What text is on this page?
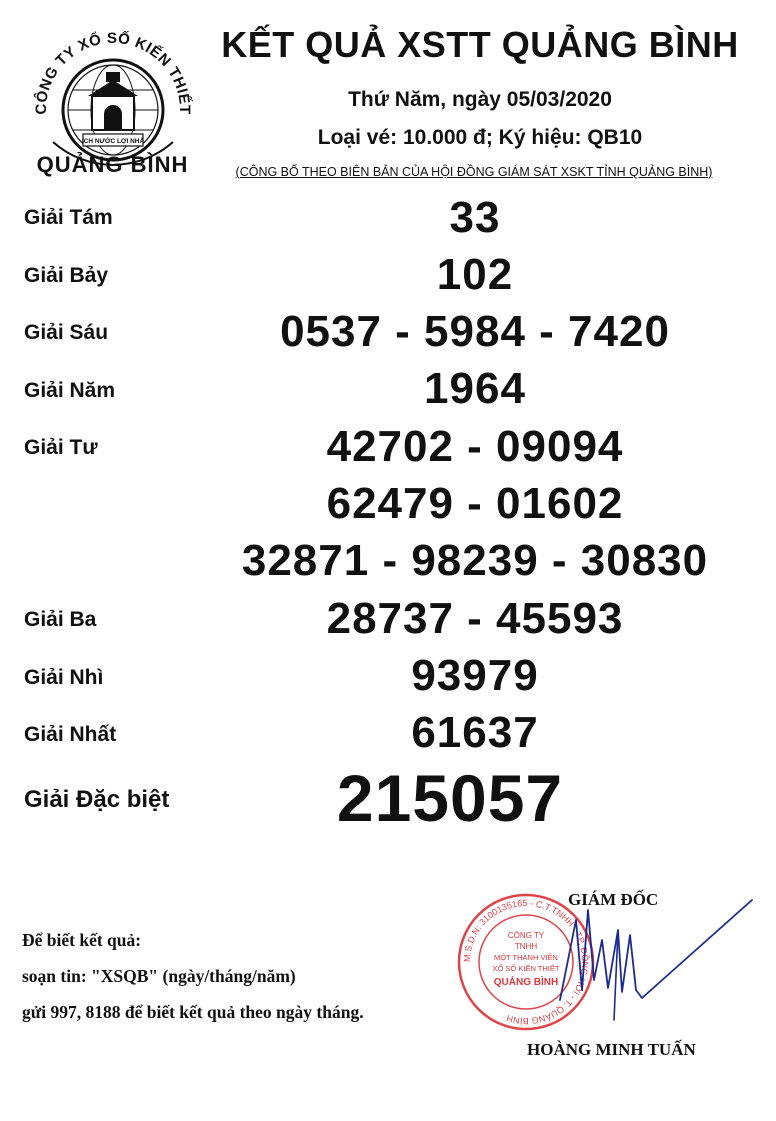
CÔNG TY XỔ SỐ KIẾN THIẾT
ÍCH NƯỚC LỢI NHÀ
QUẢNG BÌNH
KẾT QUẢ XSTT QUẢNG BÌNH
Thứ Năm, ngày 05/03/2020
Loại vé: 10.000 đ; Ký hiệu: QB10
(CÔNG BỐ THEO BIÊN BẢN CỦA HỘI ĐỒNG GIÁM SÁT XSKT TỈNH QUẢNG BÌNH)
Giải Tám	33
Giải Bảy	102
Giải Sáu	0537 - 5984 - 7420
Giải Năm	1964
Giải Tư	42702 - 09094
62479 - 01602
32871 - 98239 - 30830
Giải Ba	28737 - 45593
Giải Nhì	93979
Giải Nhất	61637
Giải Đặc biệt	215057
Để biết kết quả:
soạn tin: "XSQB" (ngày/tháng/năm)
gửi 997, 8188 để biết kết quả theo ngày tháng.
M.S.D.N: 3100135165 - C.T.TNHH - TP. ĐỒNG HỚI - T. QUẢNG BÌNH
CÔNG TY
TNHH
MỘT THÀNH VIÊN
XỔ SỐ KIẾN THIẾT
QUẢNG BÌNH
GIÁM ĐỐC
HOÀNG MINH TUẤN
